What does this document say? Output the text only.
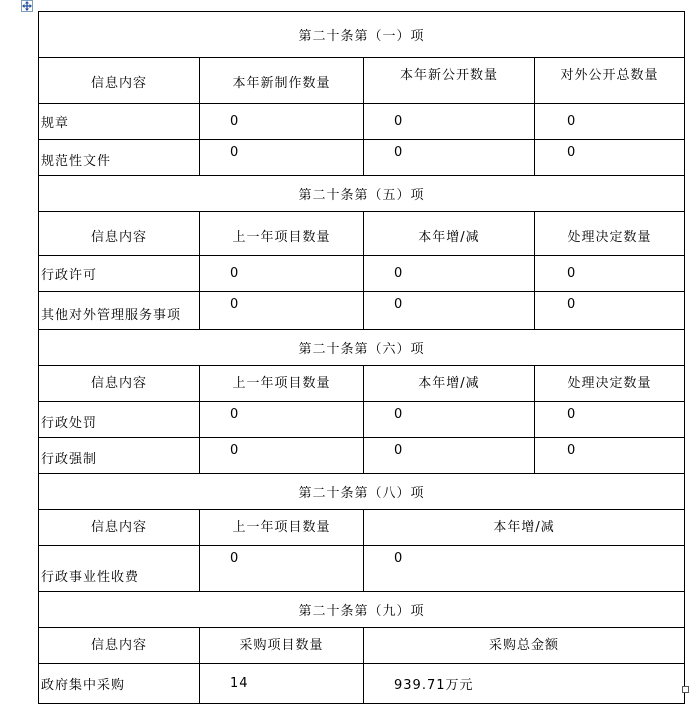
第二十条第（一）项			
信息内容	本年新制作数量	本年新公开数量	对外公开总数量
规章	0	0	0
规范性文件	0	0	0
第二十条第（五）项			
信息内容	上一年项目数量	本年增/减	处理决定数量
行政许可	0	0	0
其他对外管理服务事项	0	0	0
第二十条第（六）项			
信息内容	上一年项目数量	本年增/减	处理决定数量
行政处罚	0	0	0
行政强制	0	0	0
第二十条第（八）项			
信息内容	上一年项目数量	本年增/减	
行政事业性收费	0	0	
第二十条第（九）项			
信息内容	采购项目数量	采购总金额	
政府集中采购	14	939.71万元	
